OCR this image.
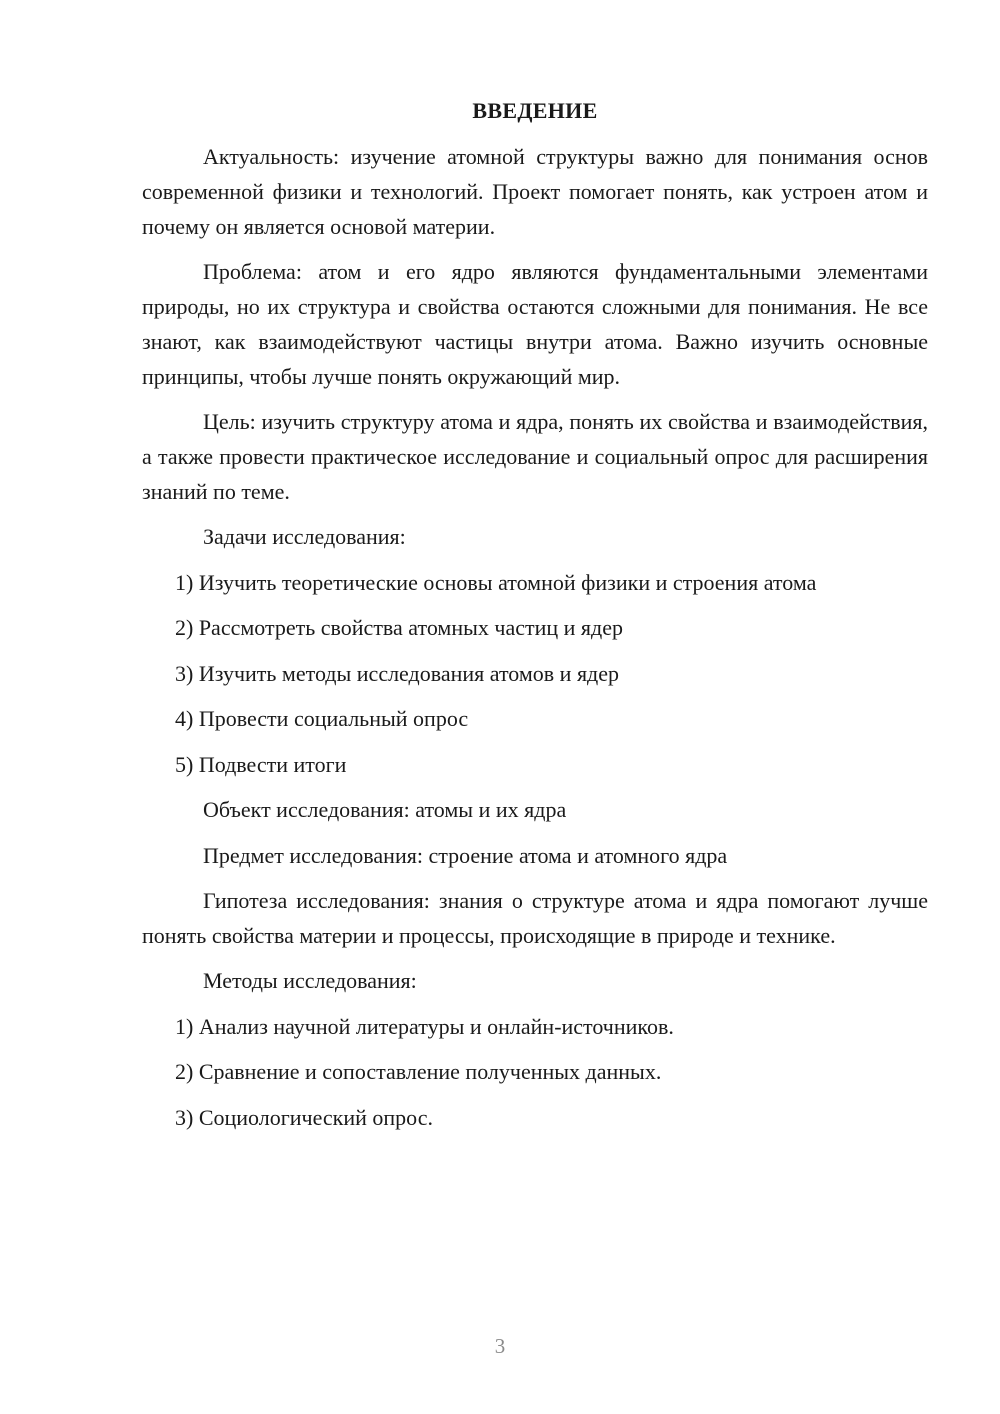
ВВЕДЕНИЕ

Актуальность: изучение атомной структуры важно для понимания основ современной физики и технологий. Проект помогает понять, как устроен атом и почему он является основой материи.

Проблема: атом и его ядро являются фундаментальными элементами природы, но их структура и свойства остаются сложными для понимания. Не все знают, как взаимодействуют частицы внутри атома. Важно изучить основные принципы, чтобы лучше понять окружающий мир.

Цель: изучить структуру атома и ядра, понять их свойства и взаимодействия, а также провести практическое исследование и социальный опрос для расширения знаний по теме.

Задачи исследования:
1) Изучить теоретические основы атомной физики и строения атома
2) Рассмотреть свойства атомных частиц и ядер
3) Изучить методы исследования атомов и ядер
4) Провести социальный опрос
5) Подвести итоги
Объект исследования: атомы и их ядра
Предмет исследования: строение атома и атомного ядра

Гипотеза исследования: знания о структуре атома и ядра помогают лучше понять свойства материи и процессы, происходящие в природе и технике.

Методы исследования:
1) Анализ научной литературы и онлайн-источников.
2) Сравнение и сопоставление полученных данных.
3) Социологический опрос.
3
